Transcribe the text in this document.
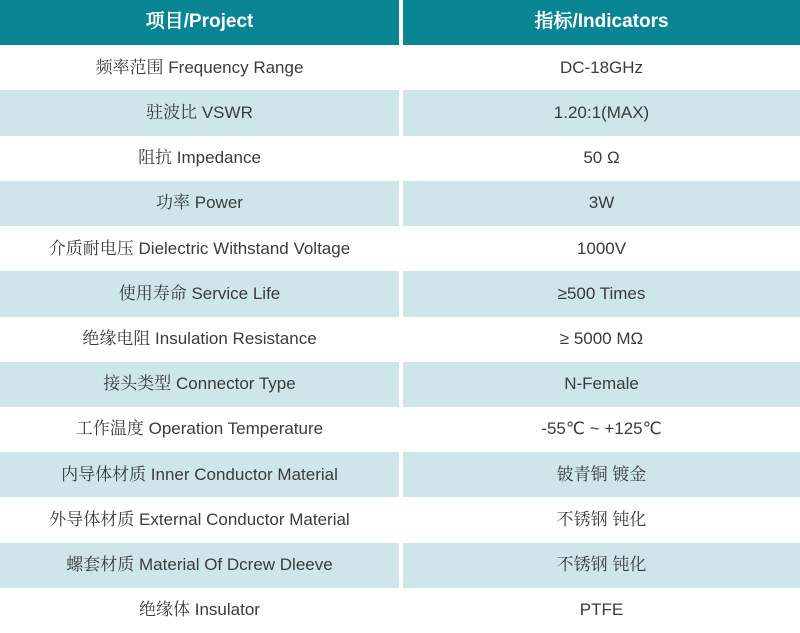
项目/Project	指标/Indicators
频率范围 Frequency Range	DC-18GHz
驻波比 VSWR	1.20:1(MAX)
阻抗 Impedance	50 Ω
功率 Power	3W
介质耐电压 Dielectric Withstand Voltage	1000V
使用寿命 Service Life	≥500 Times
绝缘电阻 Insulation Resistance	≥ 5000 MΩ
接头类型 Connector Type	N-Female
工作温度 Operation Temperature	-55℃ ~ +125℃
内导体材质 Inner Conductor Material	铍青铜 镀金
外导体材质 External Conductor Material	不锈钢 钝化
螺套材质 Material Of Dcrew Dleeve	不锈钢 钝化
绝缘体 Insulator	PTFE
